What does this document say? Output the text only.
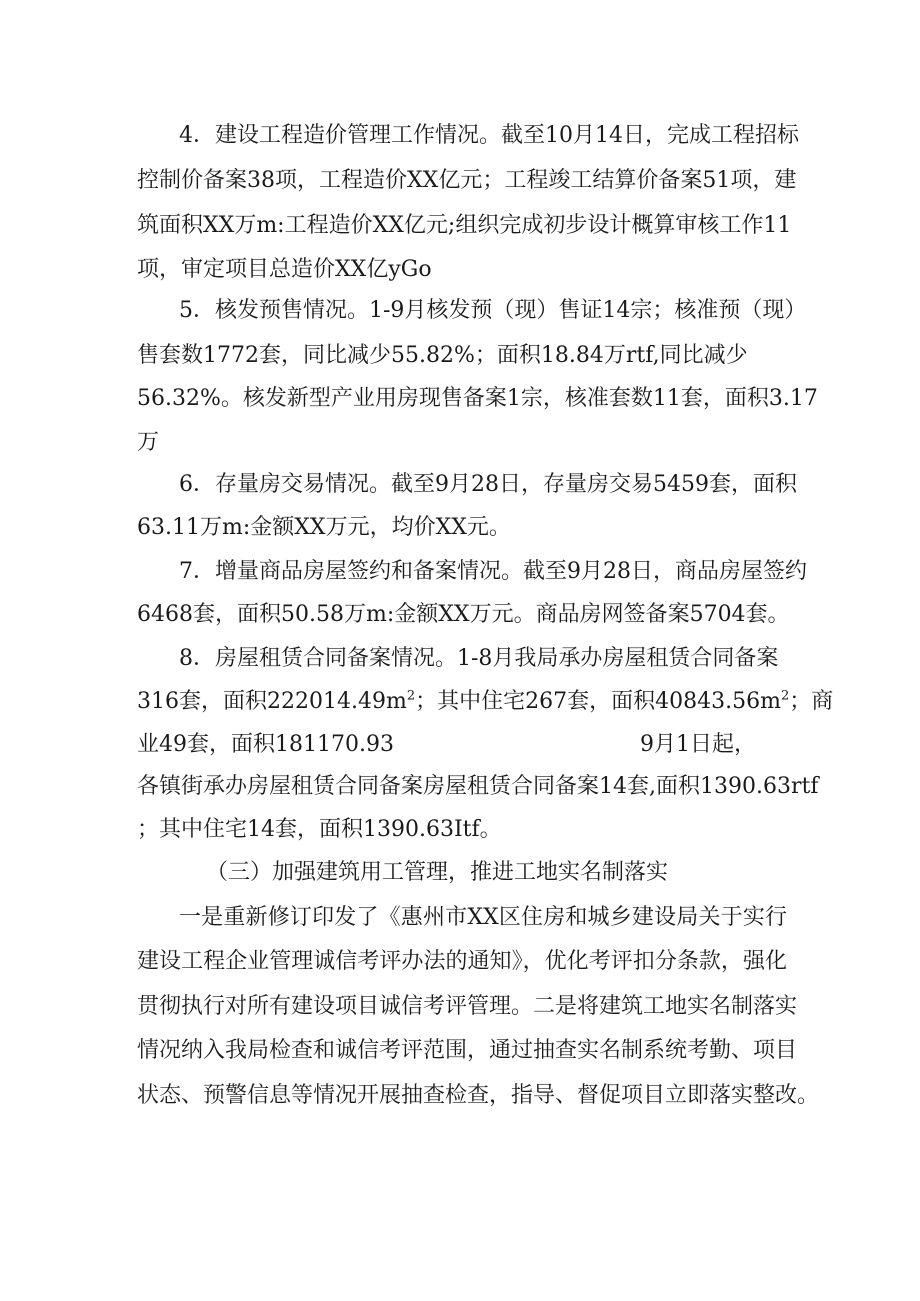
4．建设工程造价管理工作情况。截至10月14日，完成工程招标
控制价备案38项，工程造价XX亿元；工程竣工结算价备案51项，建
筑面积XX万m:工程造价XX亿元;组织完成初步设计概算审核工作11
项，审定项目总造价XX亿yGo
5．核发预售情况。1-9月核发预（现）售证14宗；核准预（现）
售套数1772套，同比减少55.82%；面积18.84万rtf,同比减少
56.32%。核发新型产业用房现售备案1宗，核准套数11套，面积3.17
万
6．存量房交易情况。截至9月28日，存量房交易5459套，面积
63.11万m:金额XX万元，均价XX元。
7．增量商品房屋签约和备案情况。截至9月28日，商品房屋签约
6468套，面积50.58万m:金额XX万元。商品房网签备案5704套。
8．房屋租赁合同备案情况。1-8月我局承办房屋租赁合同备案
316套，面积$222014.49m^2$；其中住宅267套，面积$40843.56m^2$；商
业49套，面积181170.93	9月1日起，
各镇街承办房屋租赁合同备案房屋租赁合同备案14套,面积1390.63rtf
；其中住宅14套，面积1390.63Itf。
（三）加强建筑用工管理，推进工地实名制落实
一是重新修订印发了《惠州市XX区住房和城乡建设局关于实行
建设工程企业管理诚信考评办法的通知》，优化考评扣分条款，强化
贯彻执行对所有建设项目诚信考评管理。二是将建筑工地实名制落实
情况纳入我局检查和诚信考评范围，通过抽查实名制系统考勤、项目
状态、预警信息等情况开展抽查检查，指导、督促项目立即落实整改。
